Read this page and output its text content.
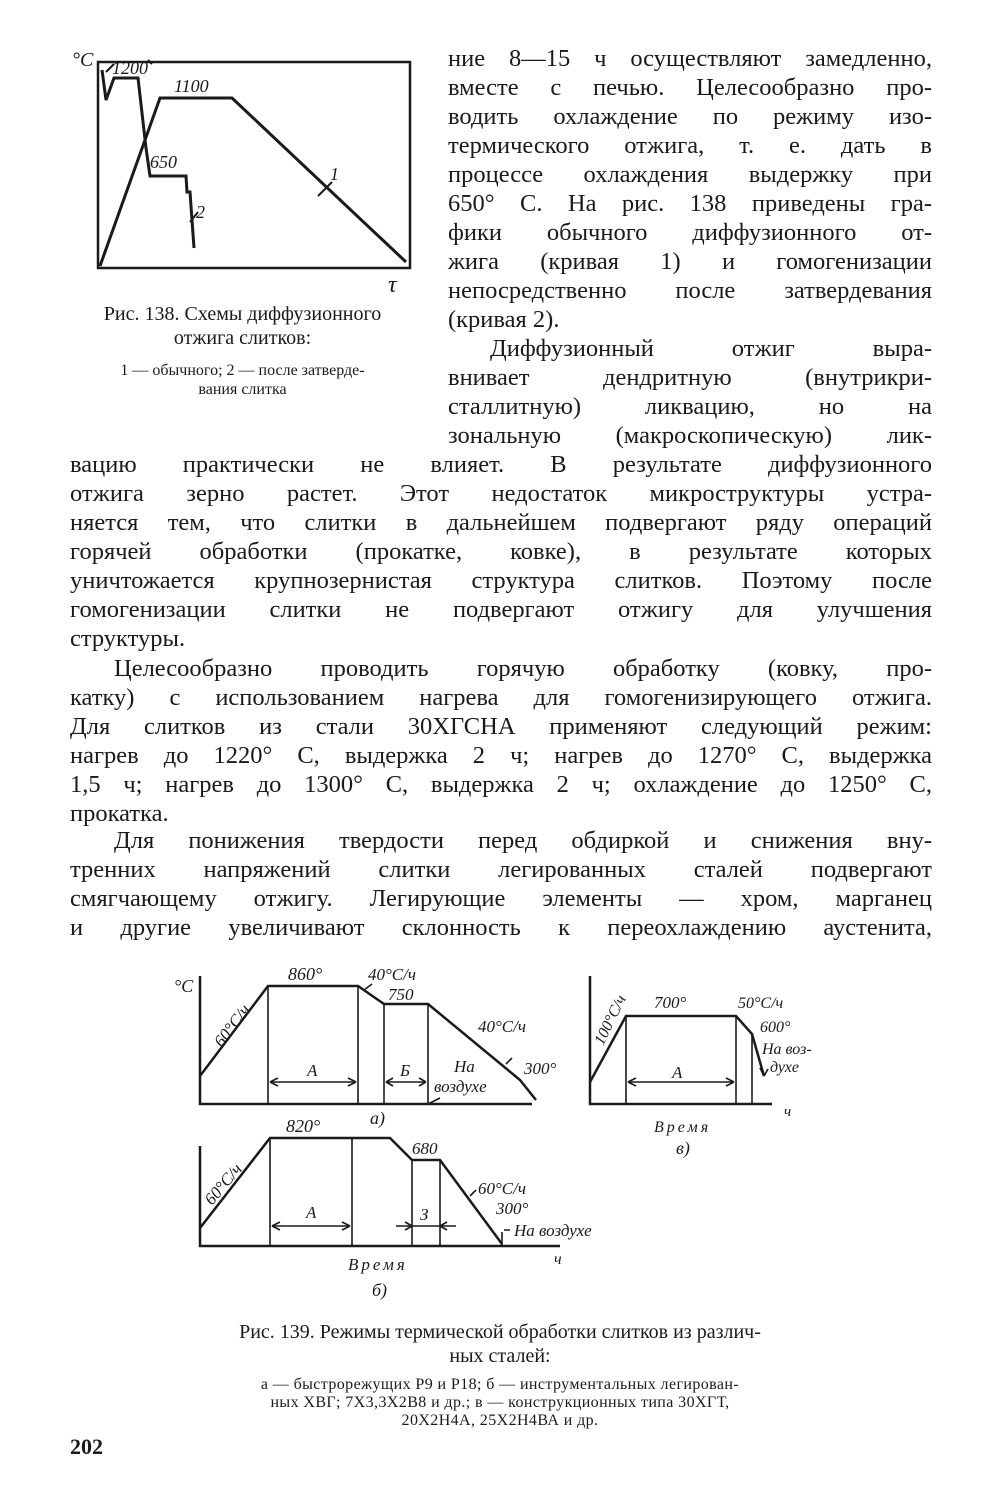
°C 1200
1100
650
1
2
τ
Рис. 138. Схемы диффузионного
отжига слитков:
1 — обычного; 2 — после затверде-
вания слитка
ние 8—15 ч осуществляют замедленно,
вместе с печью. Целесообразно про-
водить охлаждение по режиму изо-
термического отжига, т. е. дать в
процессе охлаждения выдержку при
650° С. На рис. 138 приведены гра-
фики обычного диффузионного от-
жига (кривая 1) и гомогенизации
непосредственно после затвердевания
(кривая 2).
Диффузионный отжиг выра-
внивает дендритную (внутрикри-
сталлитную) ликвацию, но на
зональную (макроскопическую) лик-
вацию практически не влияет. В результате диффузионного
отжига зерно растет. Этот недостаток микроструктуры устра-
няется тем, что слитки в дальнейшем подвергают ряду операций
горячей обработки (прокатке, ковке), в результате которых
уничтожается крупнозернистая структура слитков. Поэтому после
гомогенизации слитки не подвергают отжигу для улучшения
структуры.
Целесообразно проводить горячую обработку (ковку, про-
катку) с использованием нагрева для гомогенизирующего отжига.
Для слитков из стали 30ХГСНА применяют следующий режим:
нагрев до 1220° С, выдержка 2 ч; нагрев до 1270° С, выдержка
1,5 ч; нагрев до 1300° С, выдержка 2 ч; охлаждение до 1250° С,
прокатка.
Для понижения твердости перед обдиркой и снижения вну-
тренних напряжений слитки легированных сталей подвергают
смягчающему отжигу. Легирующие элементы — хром, марганец
и другие увеличивают склонность к переохлаждению аустенита,
°C
60°C/ч
860°	40°C/ч
750
40°C/ч
На
воздухе
300°
А	Б
а)
60°C/ч
820°
680
60°C/ч
300°
На воздухе
А	З
ч
Время
б)
100°C/ч 700°	50°C/ч
600°
На воз-
духе
А
ч
Время
в)
Рис. 139. Режимы термической обработки слитков из различ-
ных сталей:
а — быстрорежущих Р9 и Р18; б — инструментальных легирован-
ных ХВГ; 7Х3,3Х2В8 и др.; в — конструкционных типа 30ХГТ,
20Х2Н4А, 25Х2Н4ВА и др.
202
